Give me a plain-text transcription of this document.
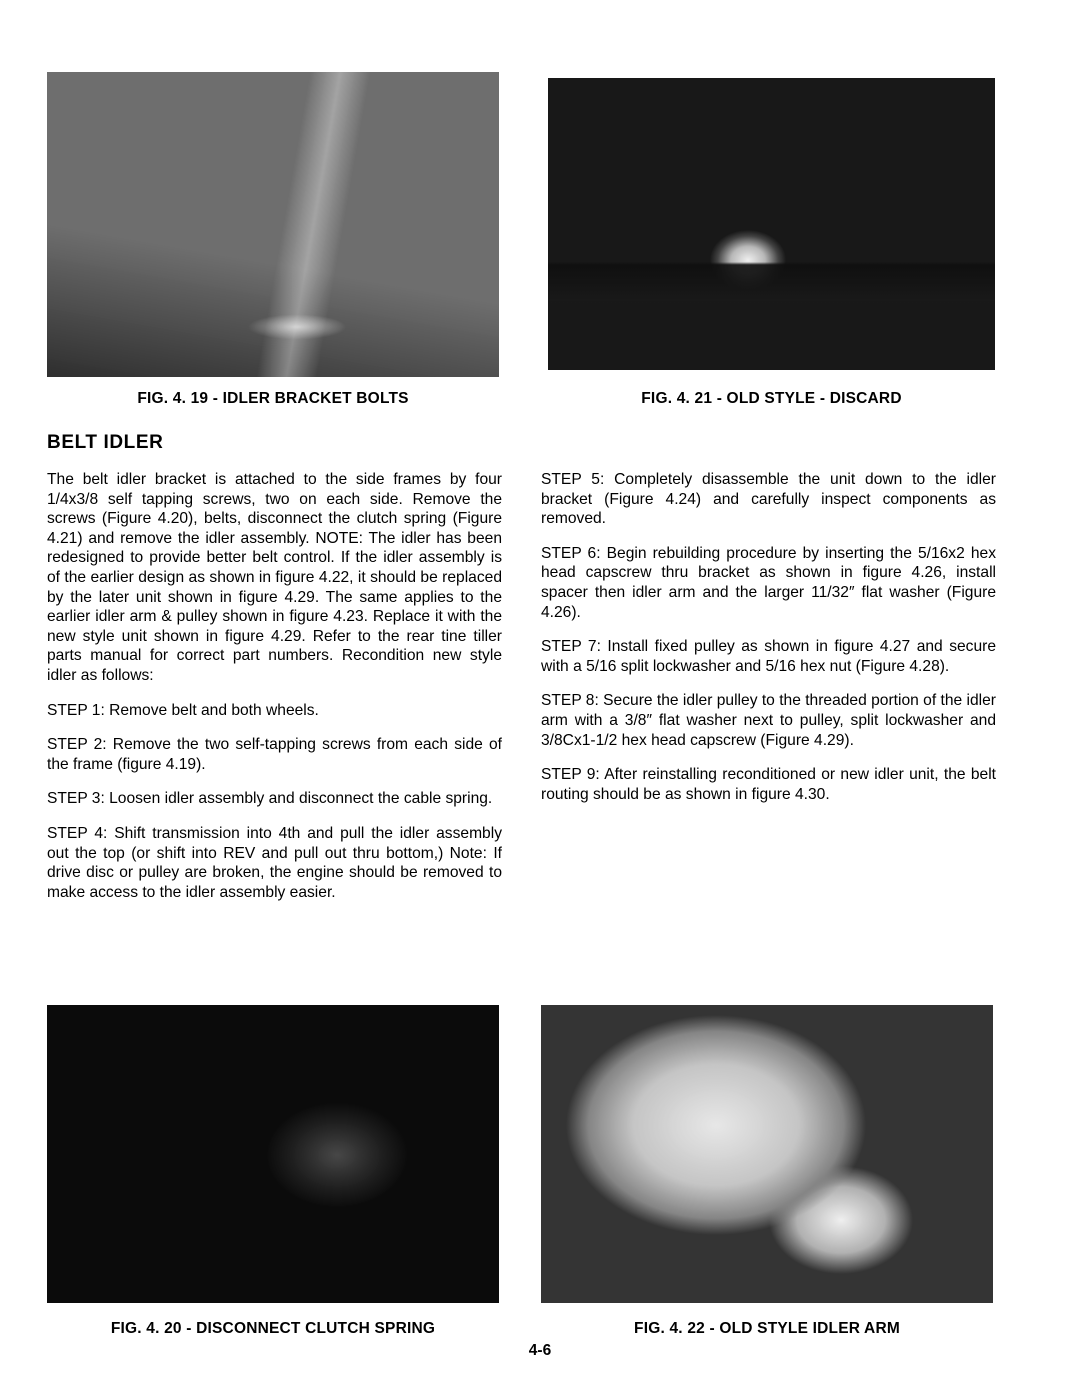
FIG. 4. 19 - IDLER BRACKET BOLTS	FIG. 4. 21 - OLD STYLE - DISCARD
BELT IDLER

The belt idler bracket is attached to the side frames by four 1/4x3/8 self tapping screws, two on each side. Remove the screws (Figure 4.20), belts, disconnect the clutch spring (Figure 4.21) and remove the idler assembly. NOTE: The idler has been redesigned to provide better belt control. If the idler assembly is of the earlier design as shown in figure 4.22, it should be replaced by the later unit shown in figure 4.29. The same applies to the earlier idler arm & pulley shown in figure 4.23. Replace it with the new style unit shown in figure 4.29. Refer to the rear tine tiller parts manual for correct part numbers. Recondition new style idler as follows:

STEP 1: Remove belt and both wheels.

STEP 2: Remove the two self-tapping screws from each side of the frame (figure 4.19).

STEP 3: Loosen idler assembly and disconnect the cable spring.

STEP 4: Shift transmission into 4th and pull the idler assembly out the top (or shift into REV and pull out thru bottom,) Note: If drive disc or pulley are broken, the engine should be removed to make access to the idler assembly easier.

STEP 5: Completely disassemble the unit down to the idler bracket (Figure 4.24) and carefully inspect components as removed.

STEP 6: Begin rebuilding procedure by inserting the 5/16x2 hex head capscrew thru bracket as shown in figure 4.26, install spacer then idler arm and the larger 11/32″ flat washer (Figure 4.26).

STEP 7: Install fixed pulley as shown in figure 4.27 and secure with a 5/16 split lockwasher and 5/16 hex nut (Figure 4.28).

STEP 8: Secure the idler pulley to the threaded portion of the idler arm with a 3/8″ flat washer next to pulley, split lockwasher and 3/8Cx1-1/2 hex head capscrew (Figure 4.29).

STEP 9: After reinstalling reconditioned or new idler unit, the belt routing should be as shown in figure 4.30.

FIG. 4. 20 - DISCONNECT CLUTCH SPRING	FIG. 4. 22 - OLD STYLE IDLER ARM
4-6
